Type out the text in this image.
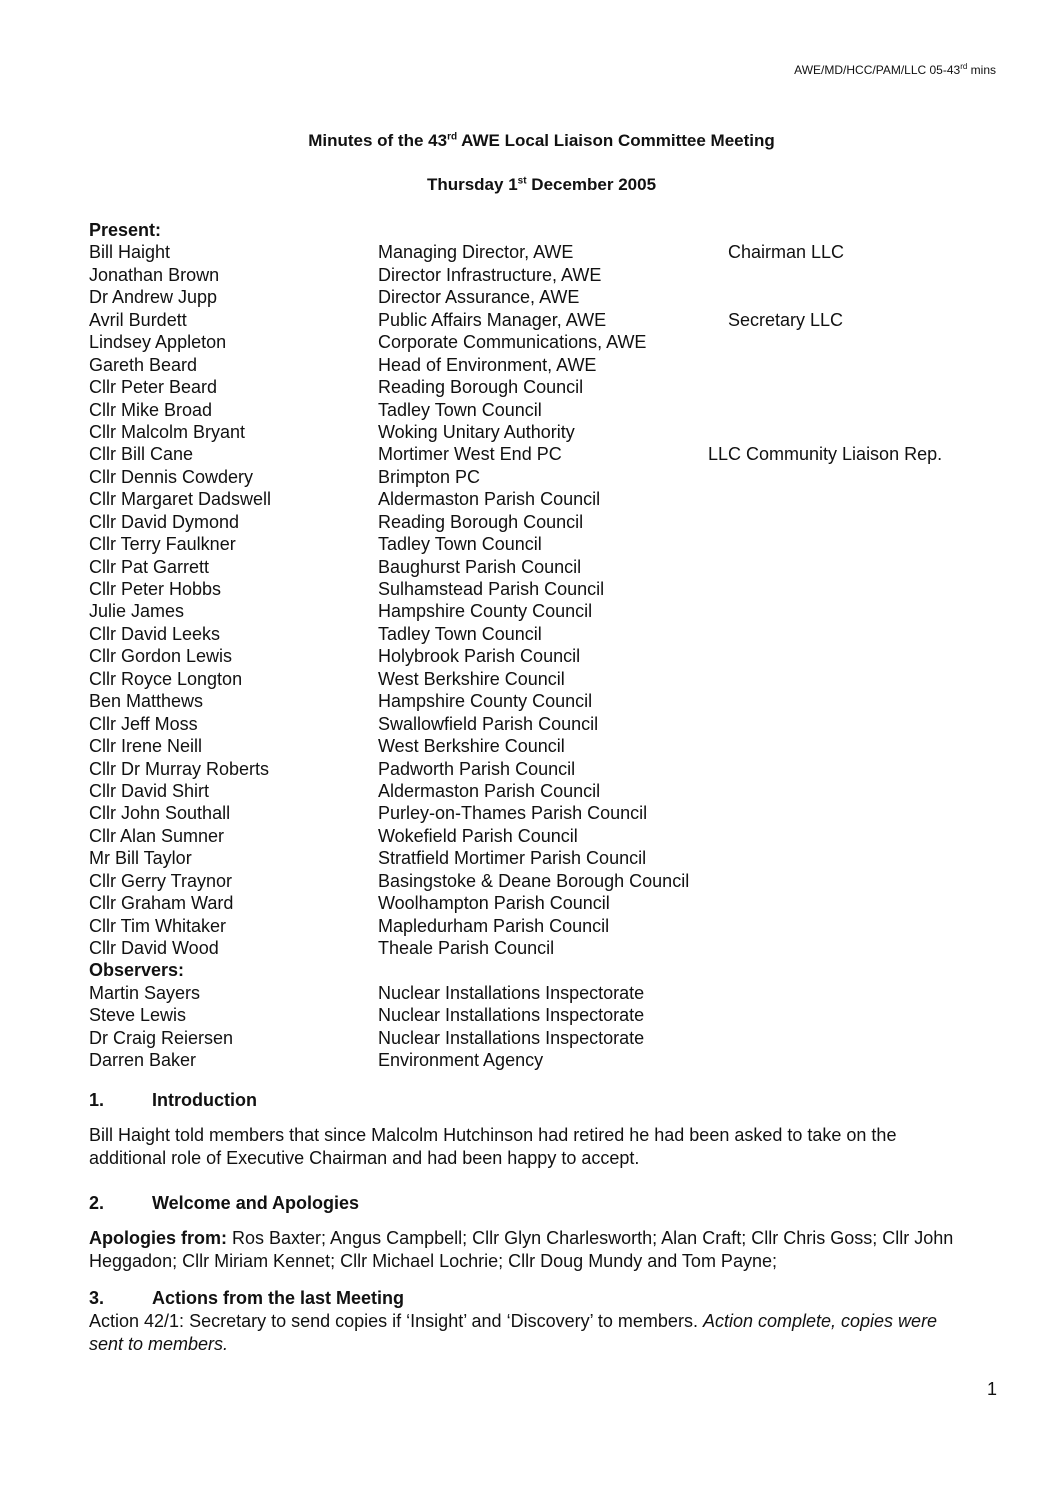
AWE/MD/HCC/PAM/LLC 05-43rd mins
Minutes of the 43rd AWE Local Liaison Committee Meeting
Thursday 1st December 2005
Present:
Bill Haight	Managing Director, AWE	Chairman LLC
Jonathan Brown	Director Infrastructure, AWE
Dr Andrew Jupp	Director Assurance, AWE
Avril Burdett	Public Affairs Manager, AWE	Secretary LLC
Lindsey Appleton	Corporate Communications, AWE
Gareth Beard	Head of Environment, AWE
Cllr Peter Beard	Reading Borough Council
Cllr Mike Broad	Tadley Town Council
Cllr Malcolm Bryant	Woking Unitary Authority
Cllr Bill Cane	Mortimer West End PC	LLC Community Liaison Rep.
Cllr Dennis Cowdery	Brimpton PC
Cllr Margaret Dadswell	Aldermaston Parish Council
Cllr David Dymond	Reading Borough Council
Cllr Terry Faulkner	Tadley Town Council
Cllr Pat Garrett	Baughurst Parish Council
Cllr Peter Hobbs	Sulhamstead Parish Council
Julie James	Hampshire County Council
Cllr David Leeks	Tadley Town Council
Cllr Gordon Lewis	Holybrook Parish Council
Cllr Royce Longton	West Berkshire Council
Ben Matthews	Hampshire County Council
Cllr Jeff Moss	Swallowfield Parish Council
Cllr Irene Neill	West Berkshire Council
Cllr Dr Murray Roberts	Padworth Parish Council
Cllr David Shirt	Aldermaston Parish Council
Cllr John Southall	Purley-on-Thames Parish Council
Cllr Alan Sumner	Wokefield Parish Council
Mr Bill Taylor	Stratfield Mortimer Parish Council
Cllr Gerry Traynor	Basingstoke & Deane Borough Council
Cllr Graham Ward	Woolhampton Parish Council
Cllr Tim Whitaker	Mapledurham Parish Council
Cllr David Wood	Theale Parish Council
Observers:
Martin Sayers	Nuclear Installations Inspectorate
Steve Lewis	Nuclear Installations Inspectorate
Dr Craig Reiersen	Nuclear Installations Inspectorate
Darren Baker	Environment Agency
1.	Introduction

Bill Haight told members that since Malcolm Hutchinson had retired he had been asked to take on the additional role of Executive Chairman and had been happy to accept.

2.	Welcome and Apologies

Apologies from: Ros Baxter; Angus Campbell; Cllr Glyn Charlesworth; Alan Craft; Cllr Chris Goss; Cllr John Heggadon; Cllr Miriam Kennet; Cllr Michael Lochrie; Cllr Doug Mundy and Tom Payne;

3.	Actions from the last Meeting

Action 42/1: Secretary to send copies if ‘Insight’ and ‘Discovery’ to members. Action complete, copies were sent to members.

1
